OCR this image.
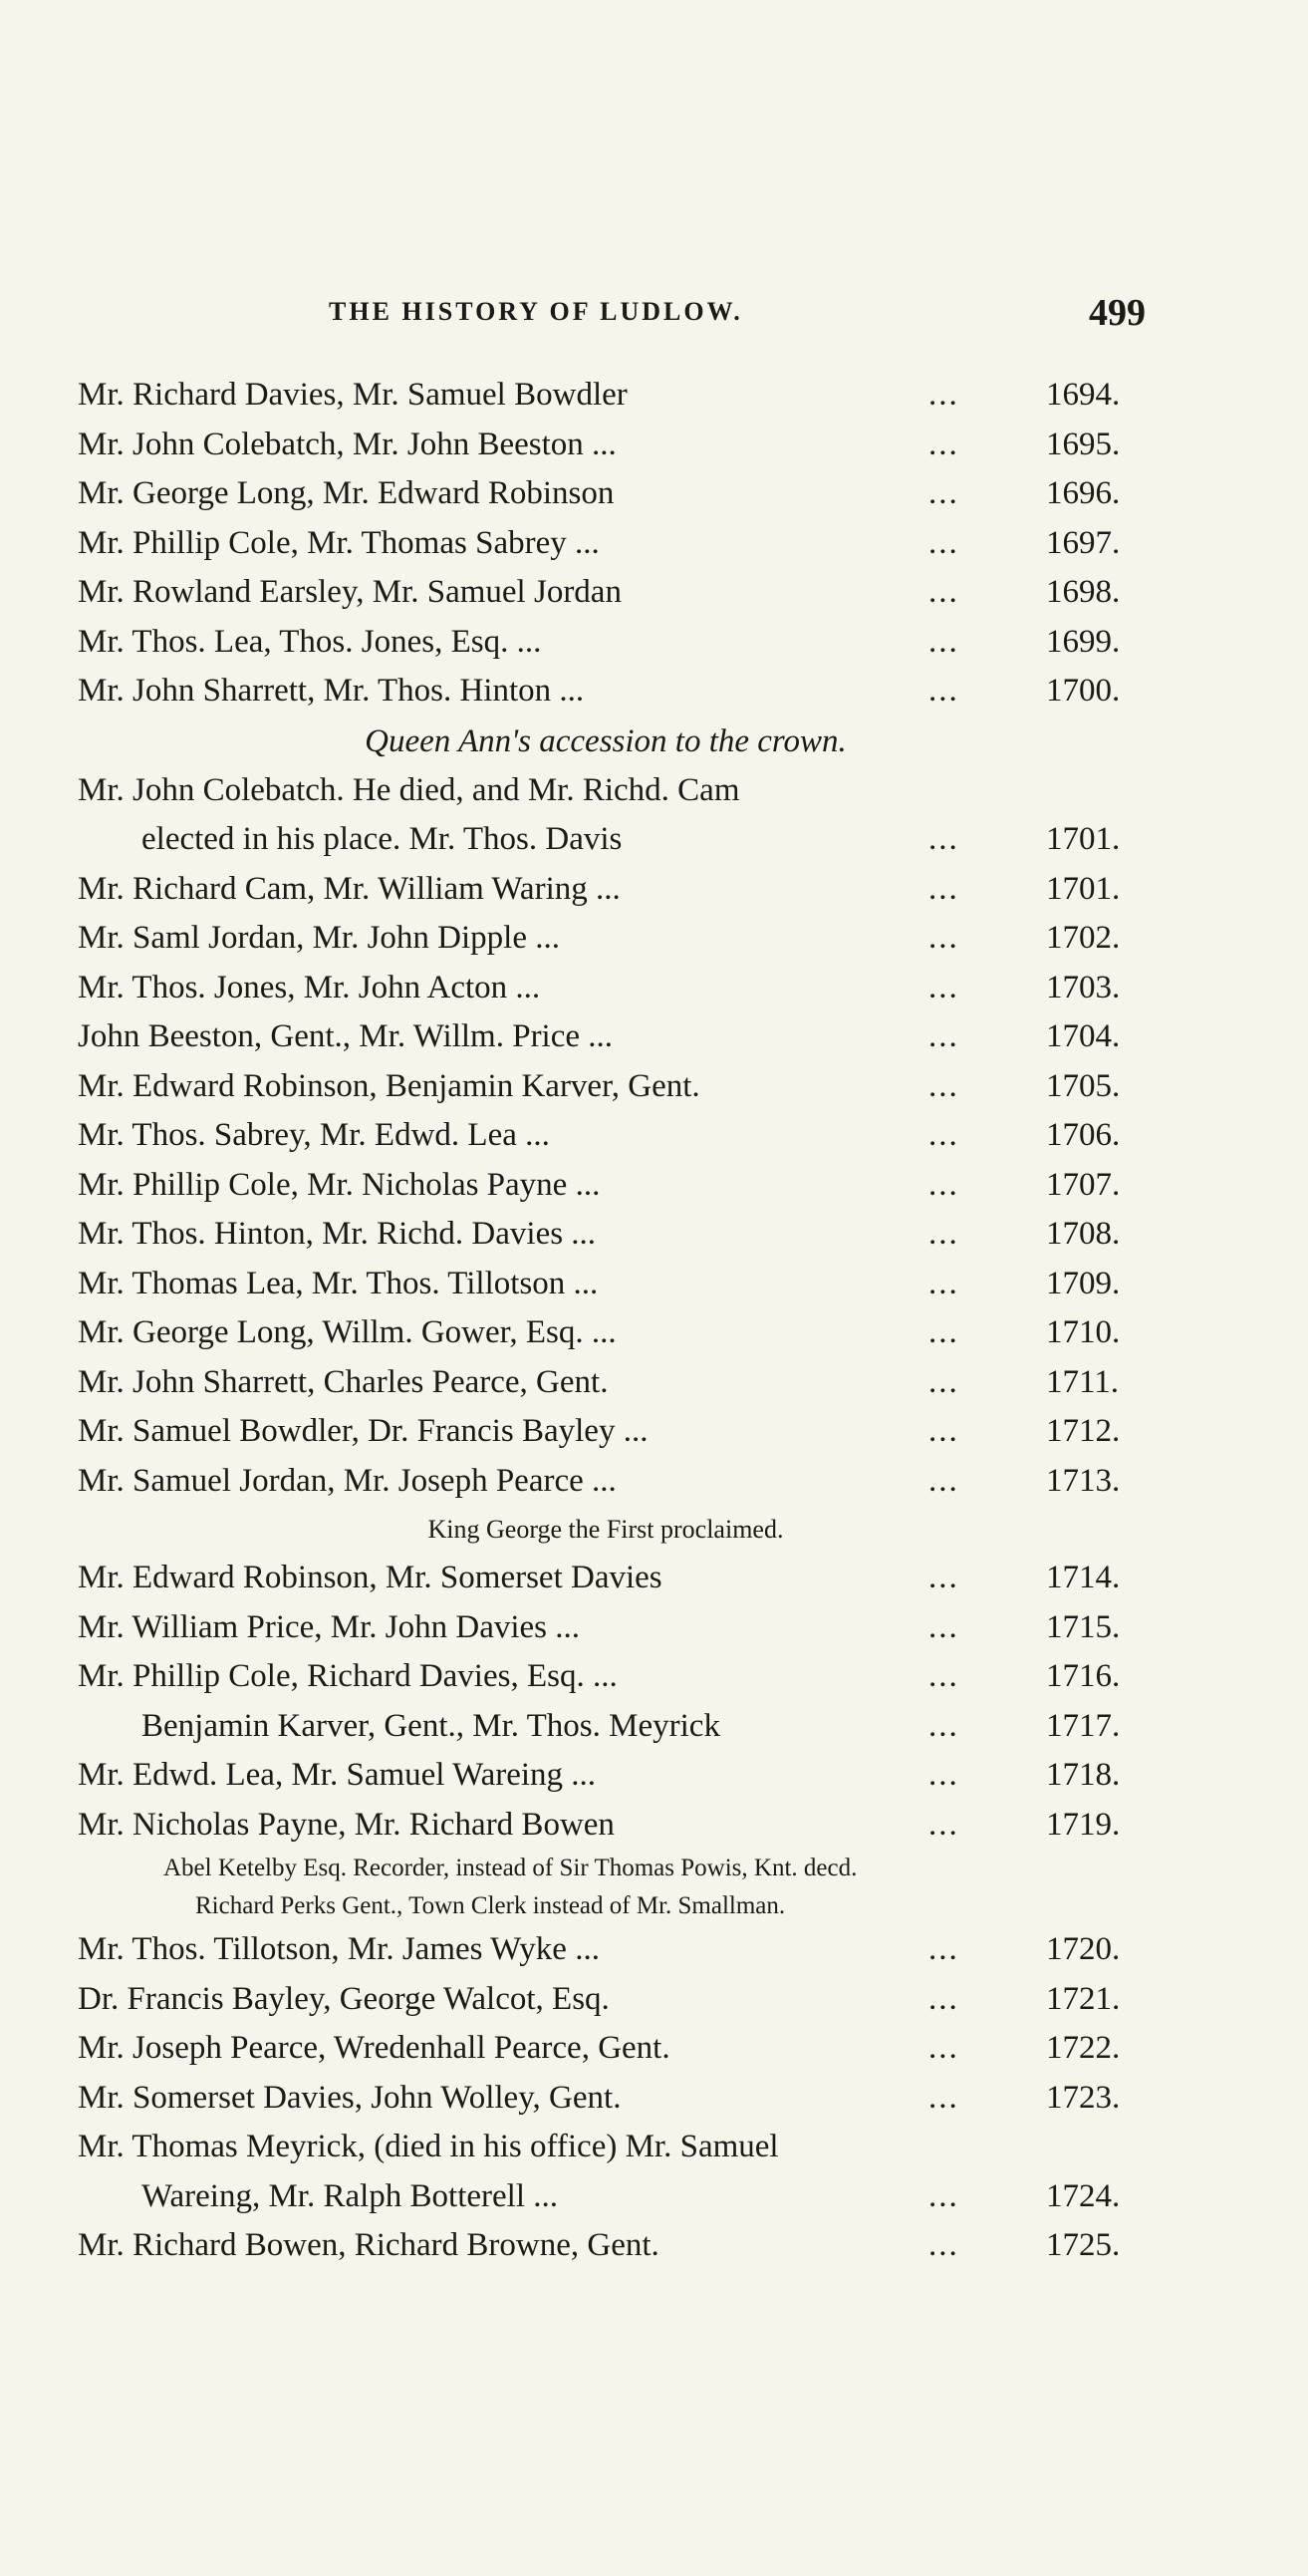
THE HISTORY OF LUDLOW.	499
Mr. Richard Davies, Mr. Samuel Bowdler	...	1694.
Mr. John Colebatch, Mr. John Beeston ...	...	1695.
Mr. George Long, Mr. Edward Robinson	...	1696.
Mr. Phillip Cole, Mr. Thomas Sabrey ...	...	1697.
Mr. Rowland Earsley, Mr. Samuel Jordan	...	1698.
Mr. Thos. Lea, Thos. Jones, Esq. ...	...	1699.
Mr. John Sharrett, Mr. Thos. Hinton ...	...	1700.
Queen Ann's accession to the crown.
Mr. John Colebatch. He died, and Mr. Richd. Cam
elected in his place. Mr. Thos. Davis	...	1701.
Mr. Richard Cam, Mr. William Waring ...	...	1701.
Mr. Saml Jordan, Mr. John Dipple ...	...	1702.
Mr. Thos. Jones, Mr. John Acton ...	...	1703.
John Beeston, Gent., Mr. Willm. Price ...	...	1704.
Mr. Edward Robinson, Benjamin Karver, Gent.	...	1705.
Mr. Thos. Sabrey, Mr. Edwd. Lea ...	...	1706.
Mr. Phillip Cole, Mr. Nicholas Payne ...	...	1707.
Mr. Thos. Hinton, Mr. Richd. Davies ...	...	1708.
Mr. Thomas Lea, Mr. Thos. Tillotson ...	...	1709.
Mr. George Long, Willm. Gower, Esq. ...	...	1710.
Mr. John Sharrett, Charles Pearce, Gent.	...	1711.
Mr. Samuel Bowdler, Dr. Francis Bayley ...	...	1712.
Mr. Samuel Jordan, Mr. Joseph Pearce ...	...	1713.
King George the First proclaimed.
Mr. Edward Robinson, Mr. Somerset Davies	...	1714.
Mr. William Price, Mr. John Davies ...	...	1715.
Mr. Phillip Cole, Richard Davies, Esq. ...	...	1716.
Benjamin Karver, Gent., Mr. Thos. Meyrick	...	1717.
Mr. Edwd. Lea, Mr. Samuel Wareing ...	...	1718.
Mr. Nicholas Payne, Mr. Richard Bowen	...	1719.
Abel Ketelby Esq. Recorder, instead of Sir Thomas Powis, Knt. decd.
Richard Perks Gent., Town Clerk instead of Mr. Smallman.
Mr. Thos. Tillotson, Mr. James Wyke ...	...	1720.
Dr. Francis Bayley, George Walcot, Esq.	...	1721.
Mr. Joseph Pearce, Wredenhall Pearce, Gent.	...	1722.
Mr. Somerset Davies, John Wolley, Gent.	...	1723.
Mr. Thomas Meyrick, (died in his office) Mr. Samuel
Wareing, Mr. Ralph Botterell ...	...	1724.
Mr. Richard Bowen, Richard Browne, Gent.	...	1725.
